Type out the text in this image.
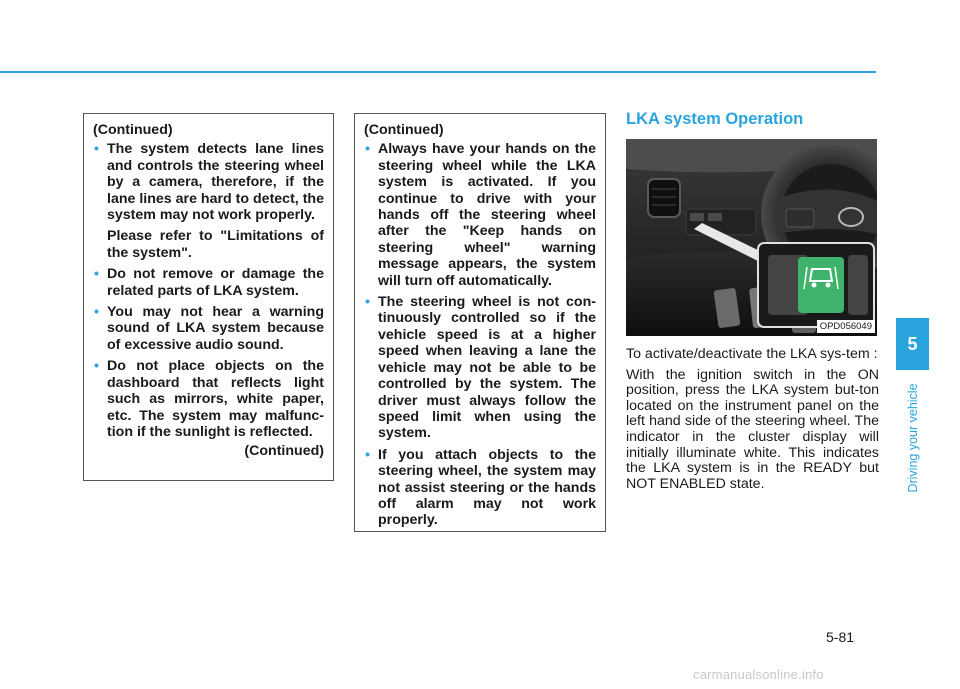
(Continued)
• The system detects lane lines and controls the steering wheel by a camera, therefore, if the lane lines are hard to detect, the system may not work properly.
Please refer to "Limitations of the system".
• Do not remove or damage the related parts of LKA system.
• You may not hear a warning sound of LKA system because of excessive audio sound.
• Do not place objects on the dashboard that reflects light such as mirrors, white paper, etc. The system may malfunc-tion if the sunlight is reflected.
(Continued)
(Continued)
• Always have your hands on the steering wheel while the LKA system is activated. If you continue to drive with your hands off the steering wheel after the "Keep hands on steering wheel" warning message appears, the system will turn off automatically.
• The steering wheel is not con-tinuously controlled so if the vehicle speed is at a higher speed when leaving a lane the vehicle may not be able to be controlled by the system. The driver must always follow the speed limit when using the system.
• If you attach objects to the steering wheel, the system may not assist steering or the hands off alarm may not work properly.
LKA system Operation
OPD056049

To activate/deactivate the LKA sys-tem :

With the ignition switch in the ON position, press the LKA system but-ton located on the instrument panel on the left hand side of the steering wheel. The indicator in the cluster display will initially illuminate white. This indicates the LKA system is in the READY but NOT ENABLED state.

5
Driving your vehicle
5-81
carmanualsonline.info
